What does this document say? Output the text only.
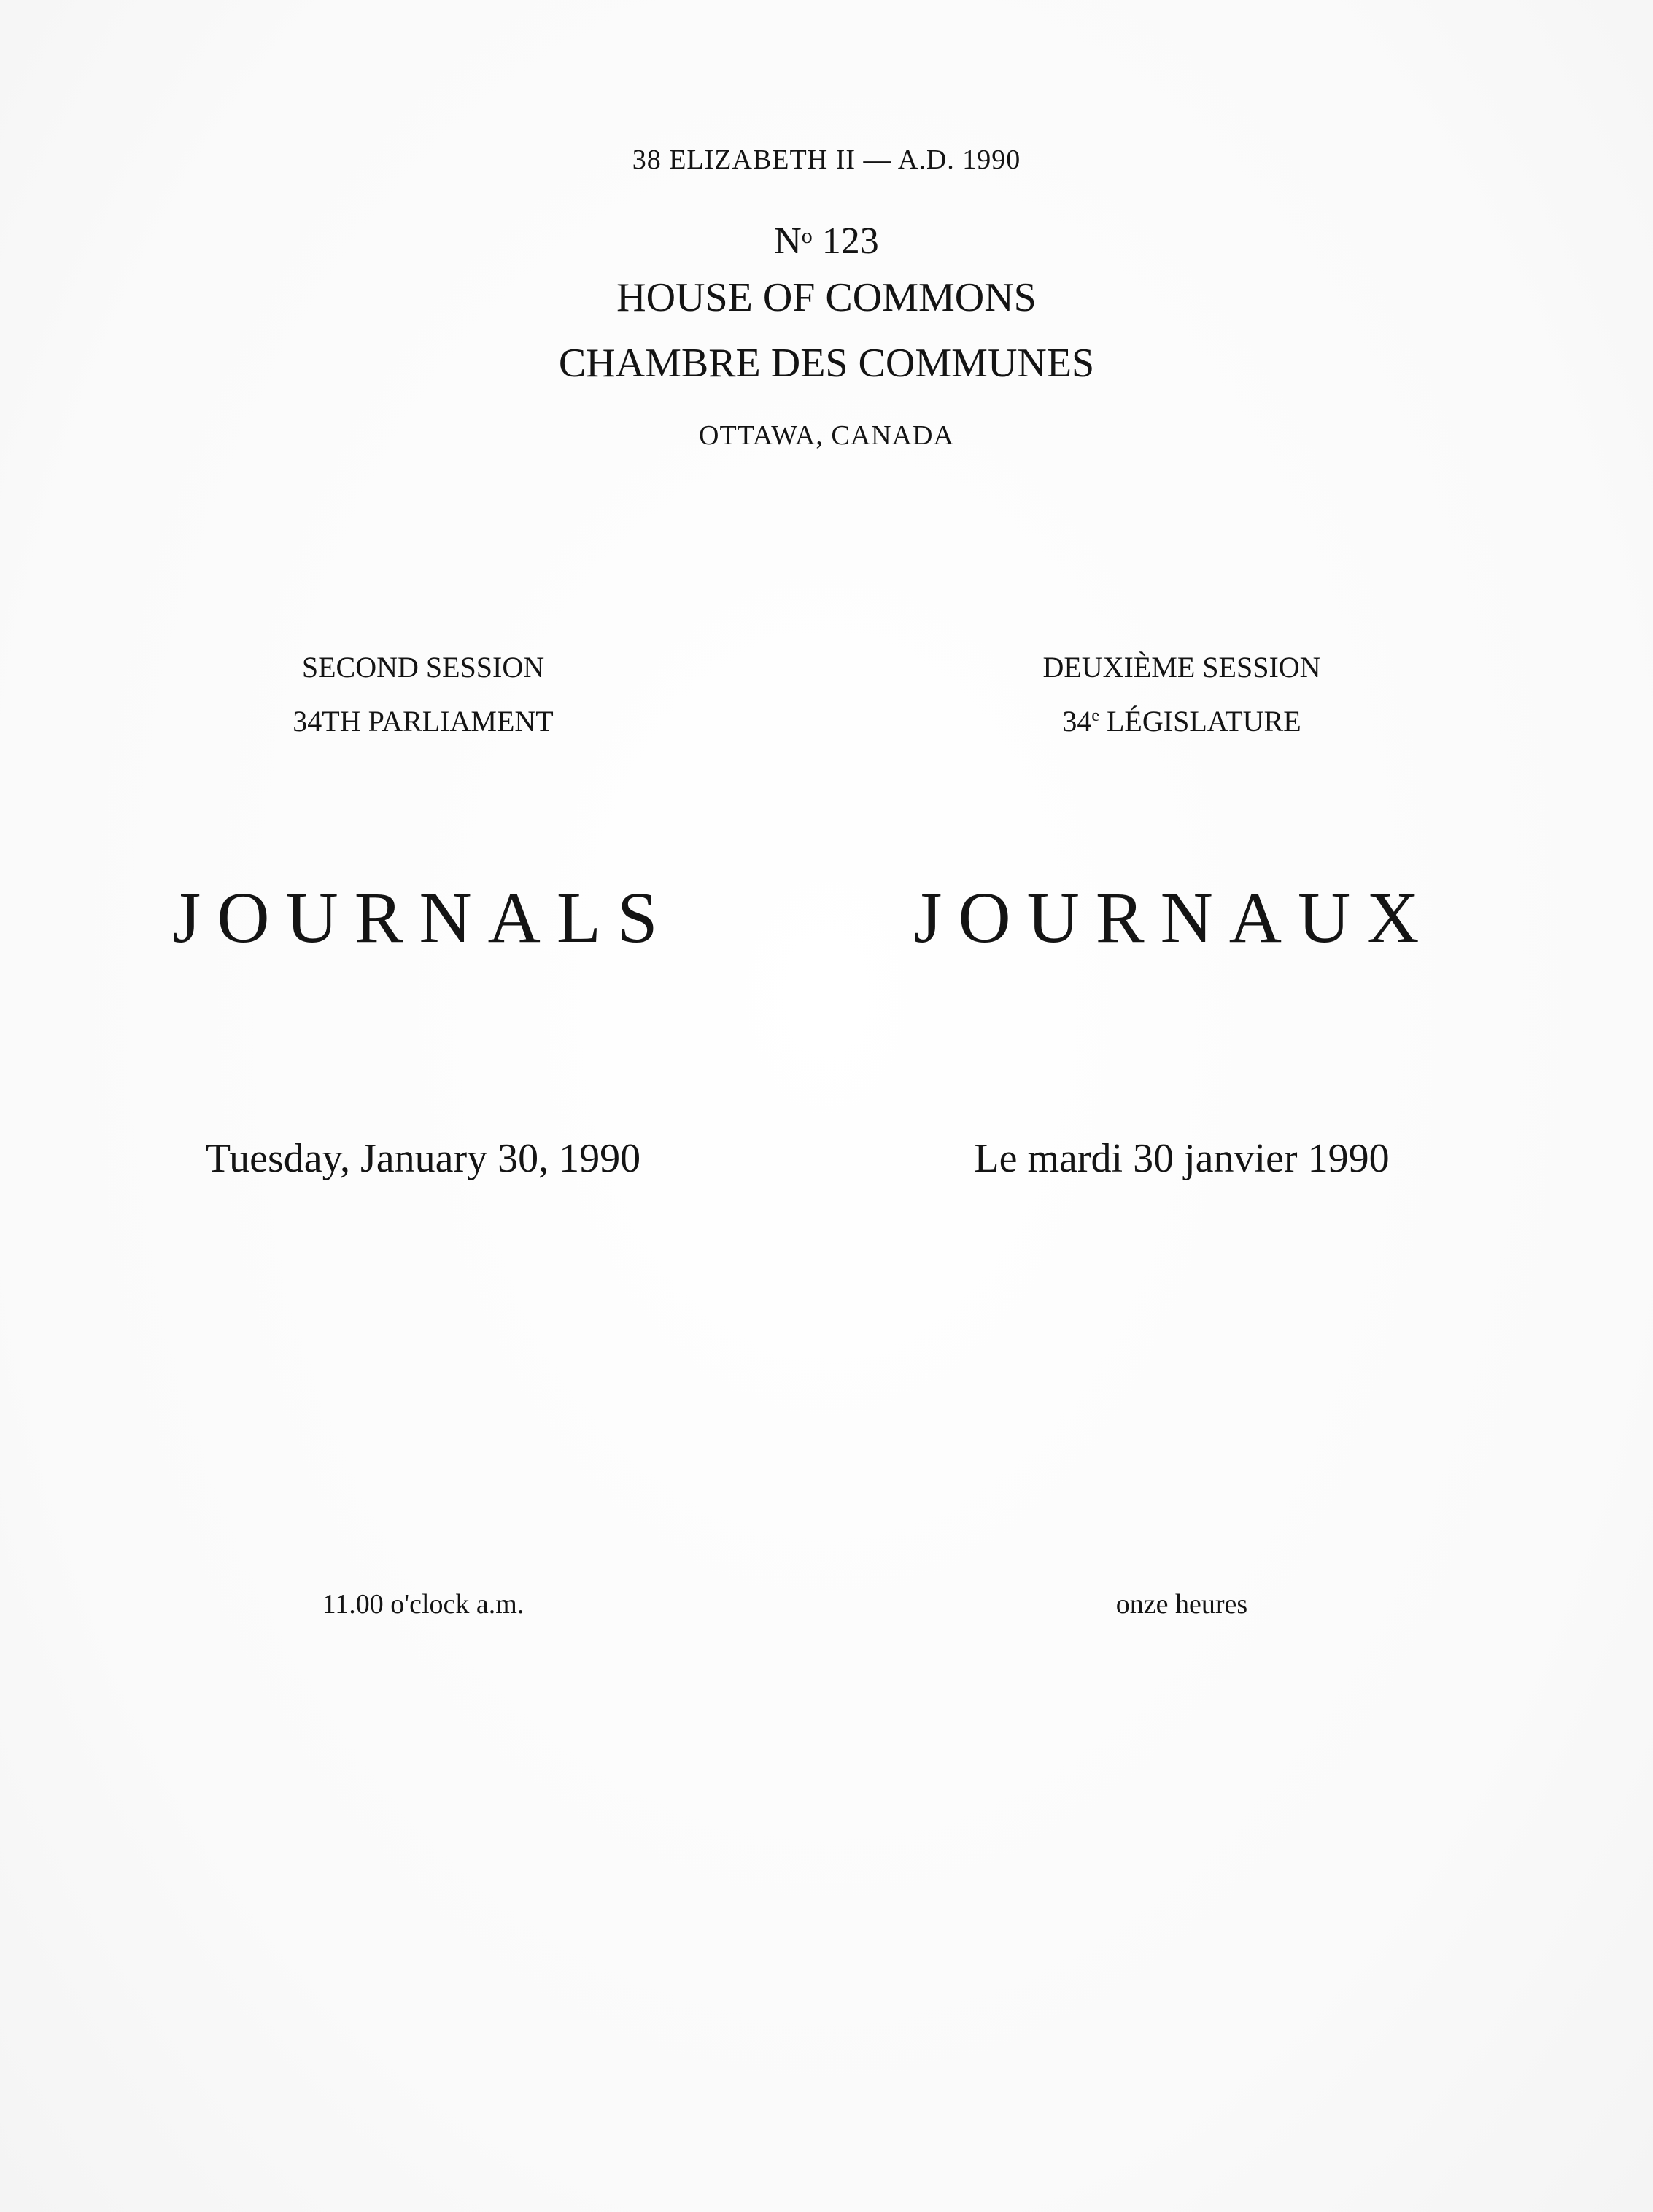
38 ELIZABETH II — A.D. 1990
$N^o$ 123
HOUSE OF COMMONS
CHAMBRE DES COMMUNES
OTTAWA, CANADA
SECOND SESSION
34TH PARLIAMENT
JOURNALS
Tuesday, January 30, 1990
11.00 o'clock a.m.
DEUXIÈME SESSION
34e LÉGISLATURE
JOURNAUX
Le mardi 30 janvier 1990
onze heures
